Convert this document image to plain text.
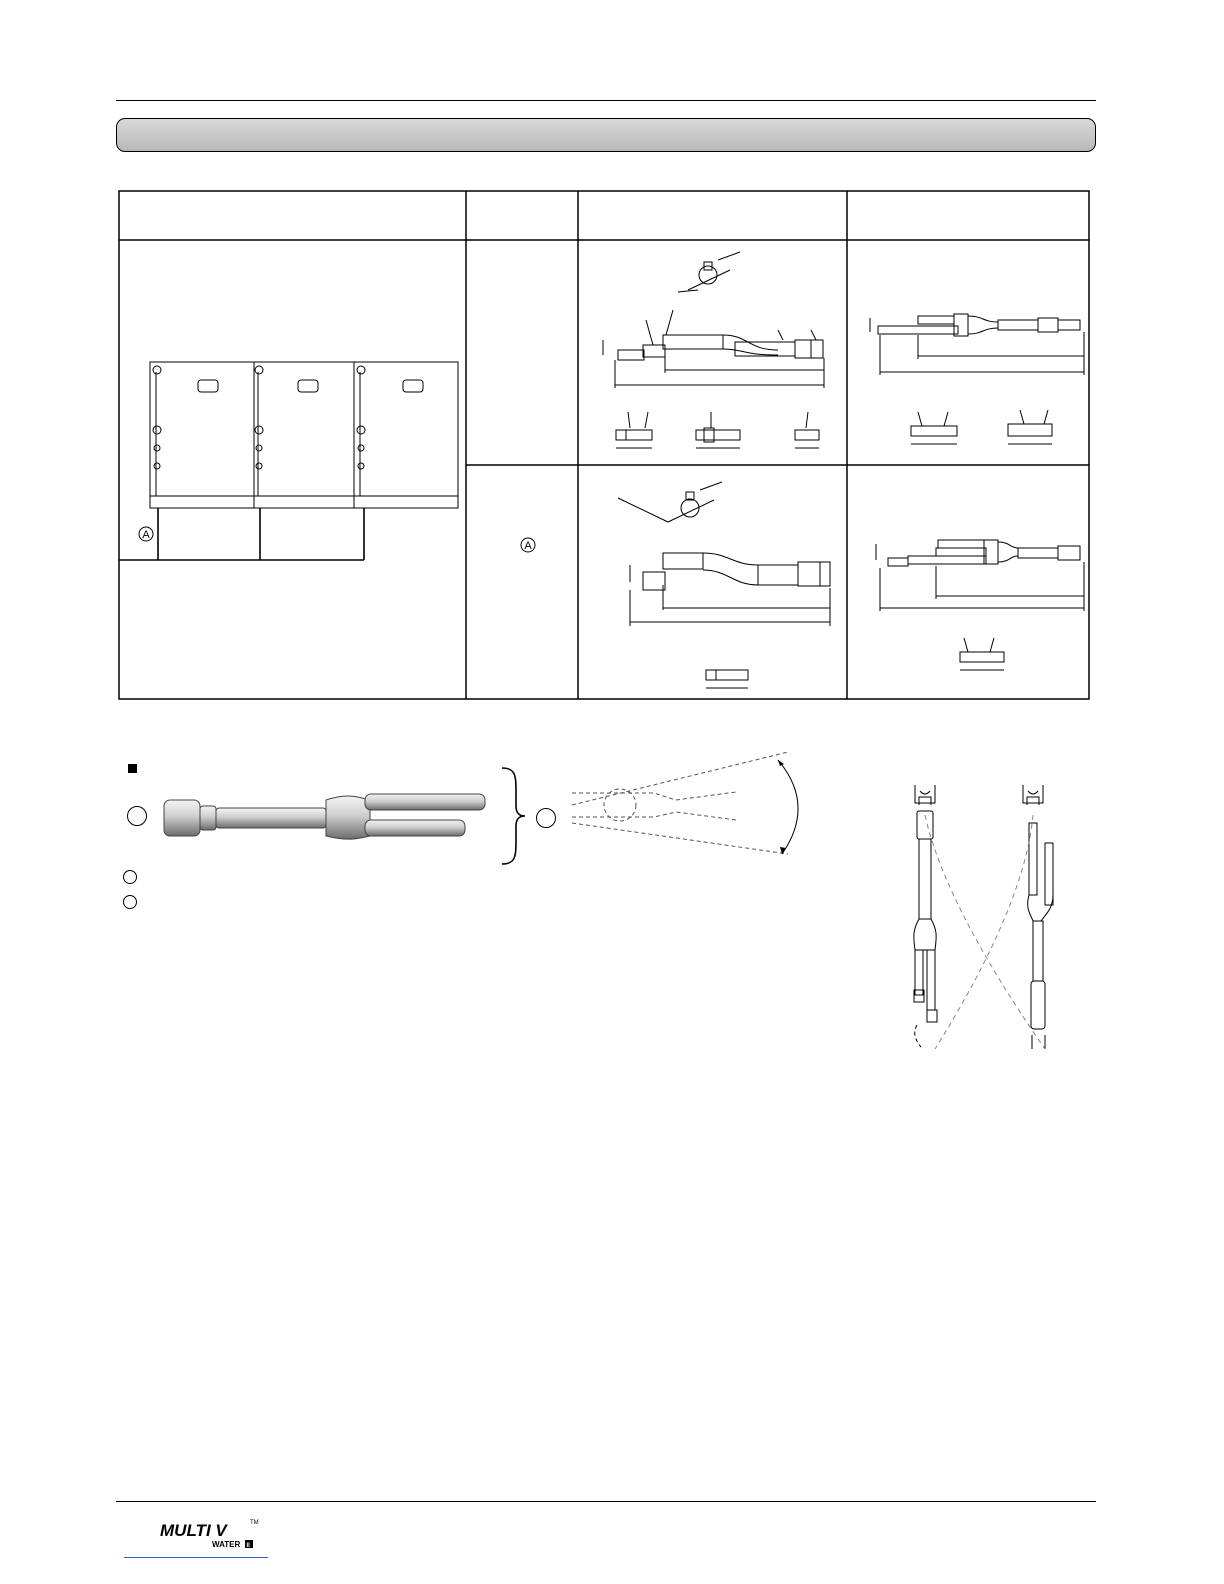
A
A
MULTI V	TM
WATER II
